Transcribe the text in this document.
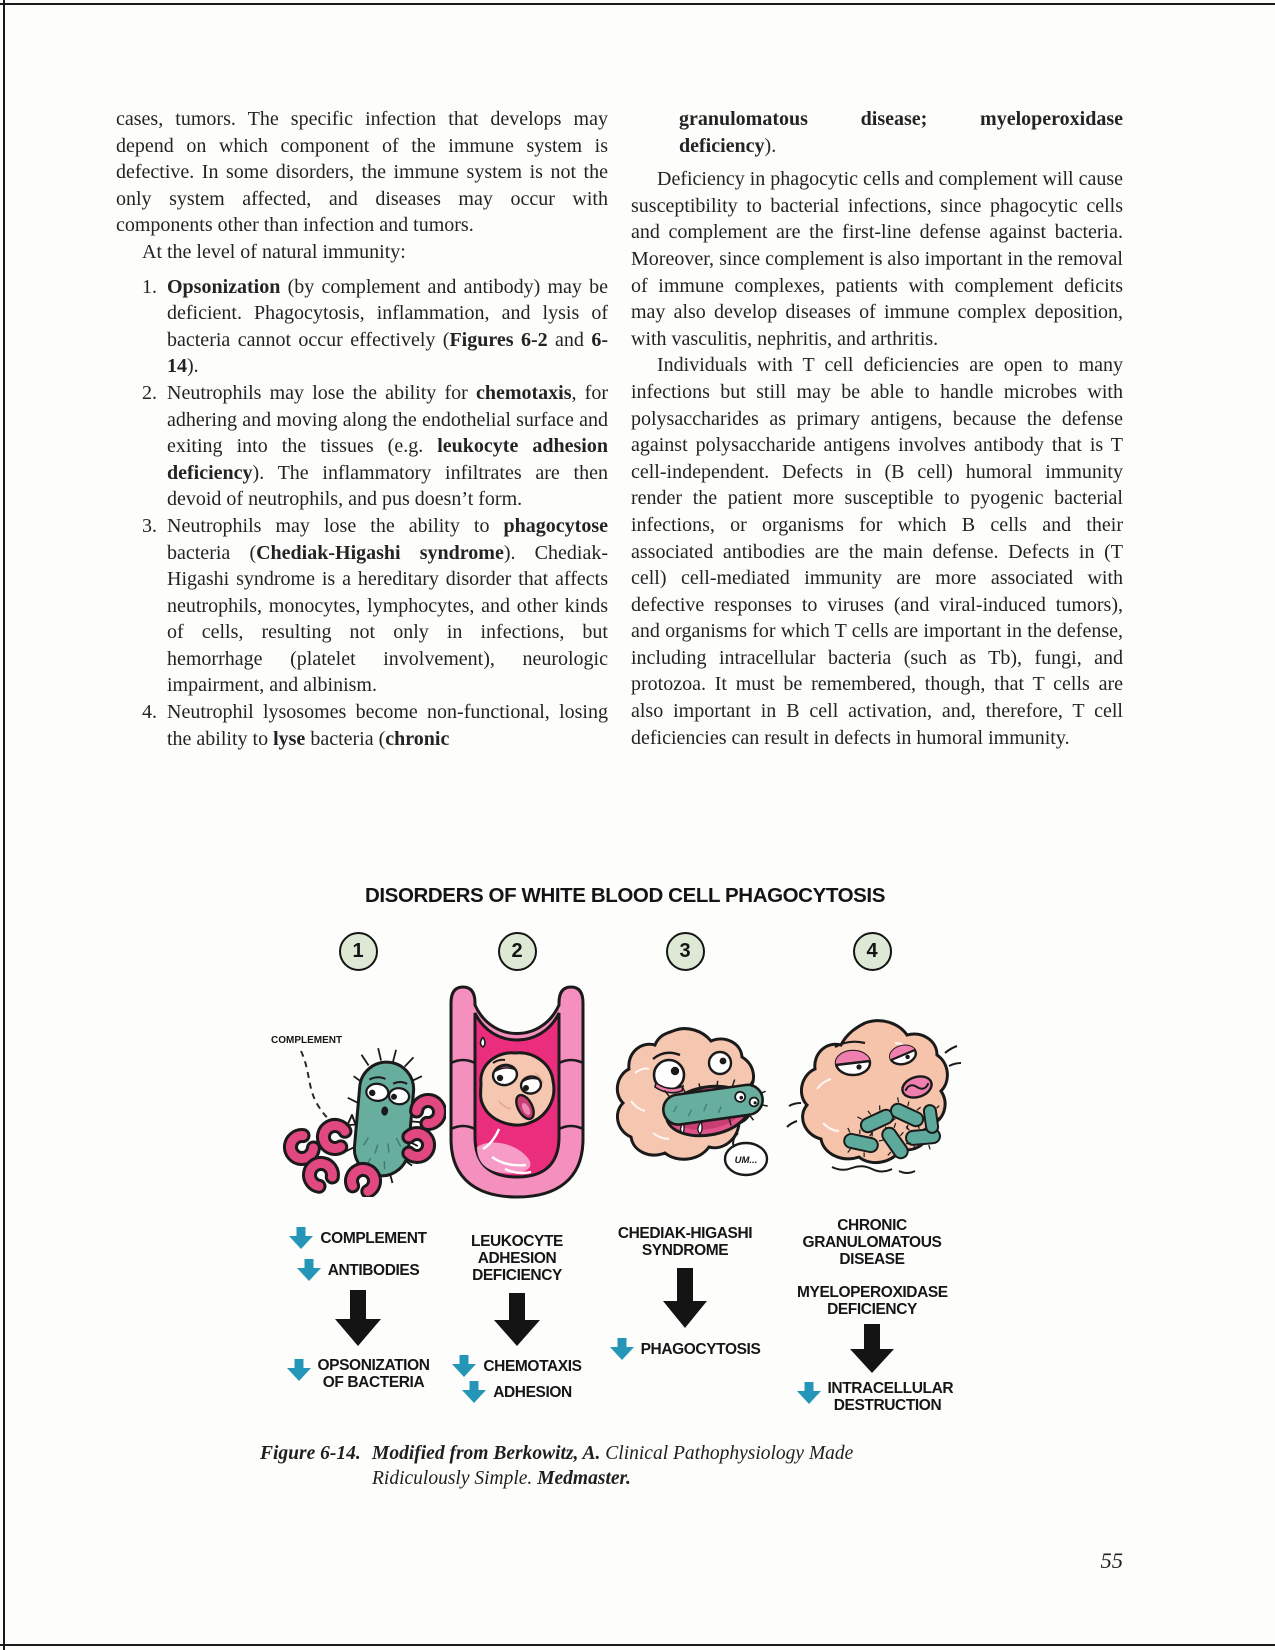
cases, tumors. The specific infection that develops may depend on which component of the immune system is defective. In some disorders, the immune system is not the only system affected, and diseases may occur with components other than infection and tumors.
At the level of natural immunity:
1. Opsonization (by complement and antibody) may be deficient. Phagocytosis, inflammation, and lysis of bacteria cannot occur effectively (Figures 6-2 and 6-14).
2. Neutrophils may lose the ability for chemotaxis, for adhering and moving along the endothelial surface and exiting into the tissues (e.g. leukocyte adhesion deficiency). The inflammatory infiltrates are then devoid of neutrophils, and pus doesn’t form.
3. Neutrophils may lose the ability to phagocytose bacteria (Chediak-Higashi syndrome). Chediak-Higashi syndrome is a hereditary disorder that affects neutrophils, monocytes, lymphocytes, and other kinds of cells, resulting not only in infections, but hemorrhage (platelet involvement), neurologic impairment, and albinism.
4. Neutrophil lysosomes become non-functional, losing the ability to lyse bacteria (chronic
granulomatous disease; myeloperoxidase deficiency).
Deficiency in phagocytic cells and complement will cause susceptibility to bacterial infections, since phagocytic cells and complement are the first-line defense against bacteria. Moreover, since complement is also important in the removal of immune complexes, patients with complement deficits may also develop diseases of immune complex deposition, with vasculitis, nephritis, and arthritis.
Individuals with T cell deficiencies are open to many infections but still may be able to handle microbes with polysaccharides as primary antigens, because the defense against polysaccharide antigens involves antibody that is T cell-independent. Defects in (B cell) humoral immunity render the patient more susceptible to pyogenic bacterial infections, or organisms for which B cells and their associated antibodies are the main defense. Defects in (T cell) cell-mediated immunity are more associated with defective responses to viruses (and viral-induced tumors), and organisms for which T cells are important in the defense, including intracellular bacteria (such as Tb), fungi, and protozoa. It must be remembered, though, that T cells are also important in B cell activation, and, therefore, T cell deficiencies can result in defects in humoral immunity.
DISORDERS OF WHITE BLOOD CELL PHAGOCYTOSIS
1
COMPLEMENT
COMPLEMENT
ANTIBODIES
OPSONIZATION OF BACTERIA
2
LEUKOCYTE ADHESION DEFICIENCY
CHEMOTAXIS
ADHESION
3
UM...
CHEDIAK-HIGASHI SYNDROME
PHAGOCYTOSIS
4
CHRONIC GRANULOMATOUS DISEASE
MYELOPEROXIDASE DEFICIENCY
INTRACELLULAR DESTRUCTION
Figure 6-14. Modified from Berkowitz, A. Clinical Pathophysiology Made Ridiculously Simple. Medmaster.
55
